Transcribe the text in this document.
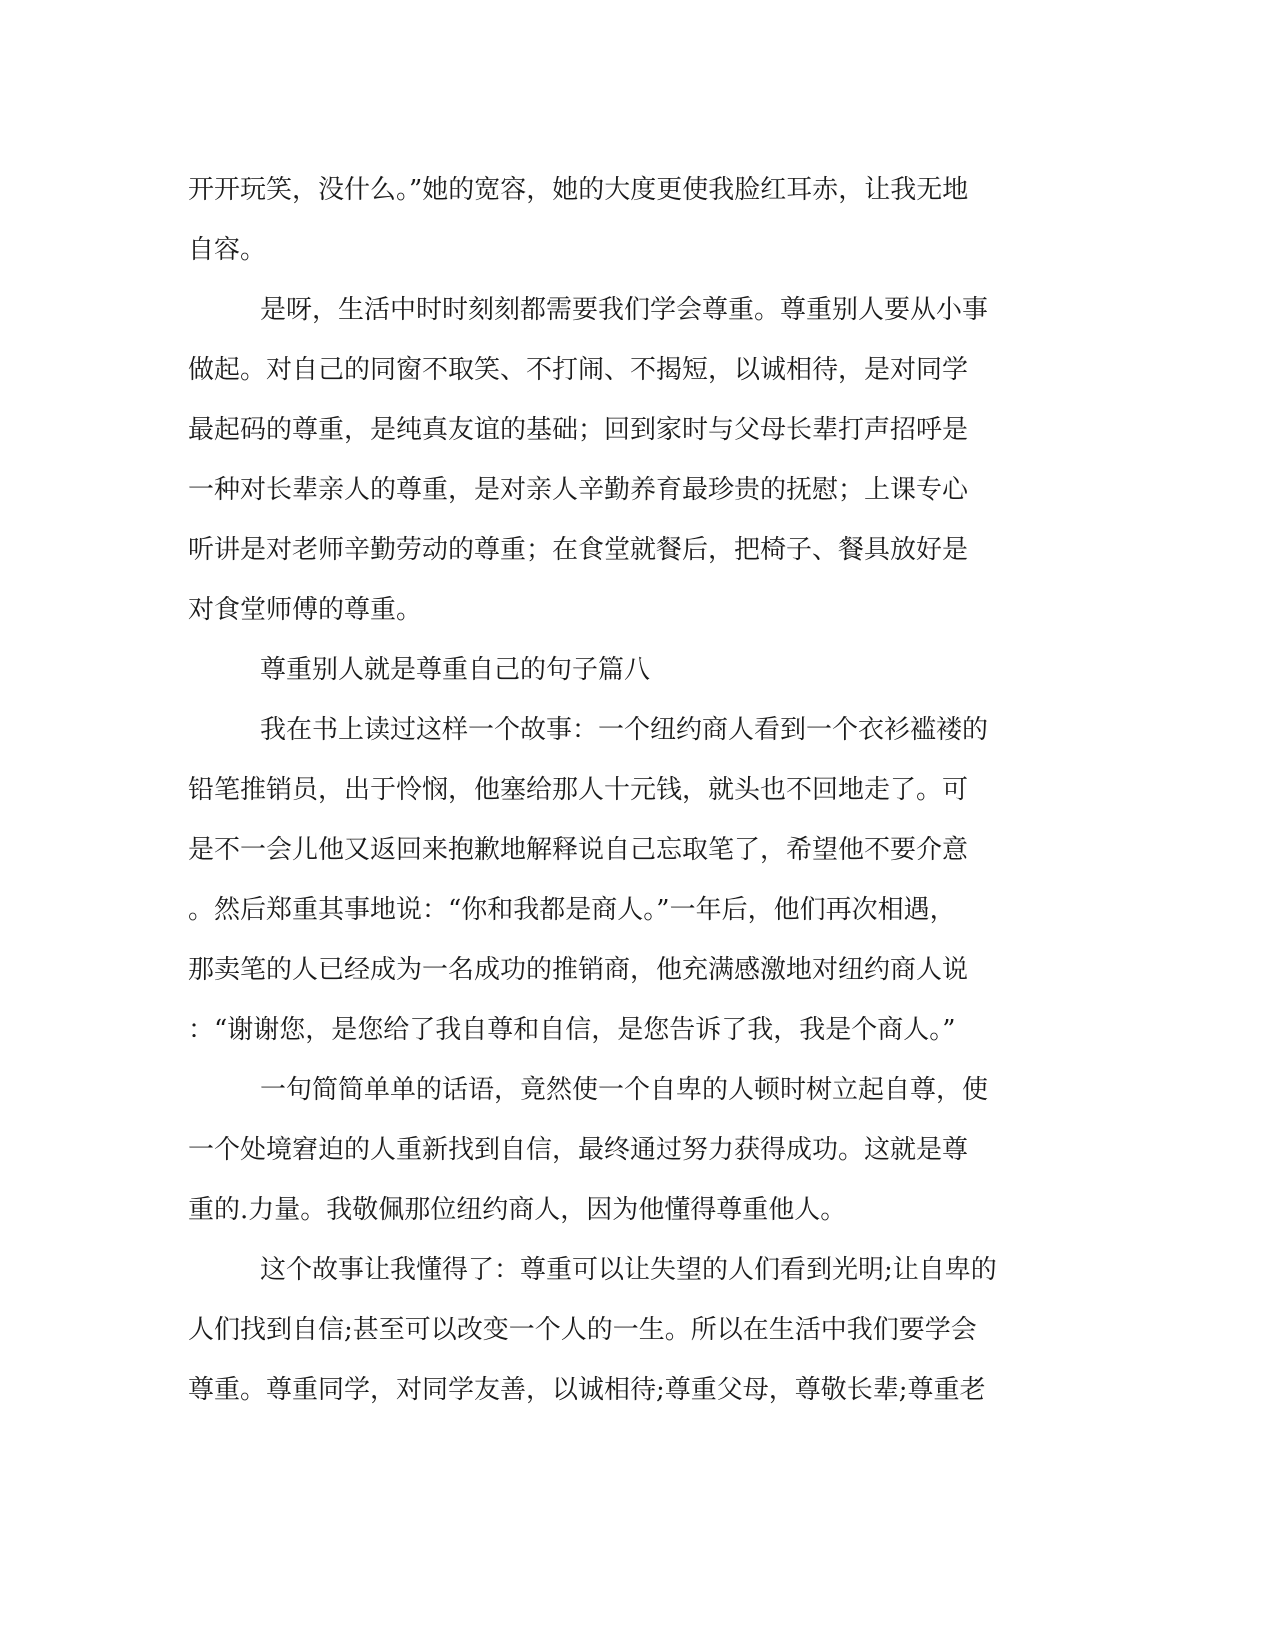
开开玩笑，没什么。”她的宽容，她的大度更使我脸红耳赤，让我无地
自容。
是呀，生活中时时刻刻都需要我们学会尊重。尊重别人要从小事
做起。对自己的同窗不取笑、不打闹、不揭短，以诚相待，是对同学
最起码的尊重，是纯真友谊的基础；回到家时与父母长辈打声招呼是
一种对长辈亲人的尊重，是对亲人辛勤养育最珍贵的抚慰；上课专心
听讲是对老师辛勤劳动的尊重；在食堂就餐后，把椅子、餐具放好是
对食堂师傅的尊重。
尊重别人就是尊重自己的句子篇八
我在书上读过这样一个故事：一个纽约商人看到一个衣衫褴褛的
铅笔推销员，出于怜悯，他塞给那人十元钱，就头也不回地走了。可
是不一会儿他又返回来抱歉地解释说自己忘取笔了，希望他不要介意
。然后郑重其事地说：“你和我都是商人。”一年后，他们再次相遇，
那卖笔的人已经成为一名成功的推销商，他充满感激地对纽约商人说
：“谢谢您，是您给了我自尊和自信，是您告诉了我，我是个商人。”
一句简简单单的话语，竟然使一个自卑的人顿时树立起自尊，使
一个处境窘迫的人重新找到自信，最终通过努力获得成功。这就是尊
重的.力量。我敬佩那位纽约商人，因为他懂得尊重他人。
这个故事让我懂得了：尊重可以让失望的人们看到光明;让自卑的
人们找到自信;甚至可以改变一个人的一生。所以在生活中我们要学会
尊重。尊重同学，对同学友善，以诚相待;尊重父母，尊敬长辈;尊重老
